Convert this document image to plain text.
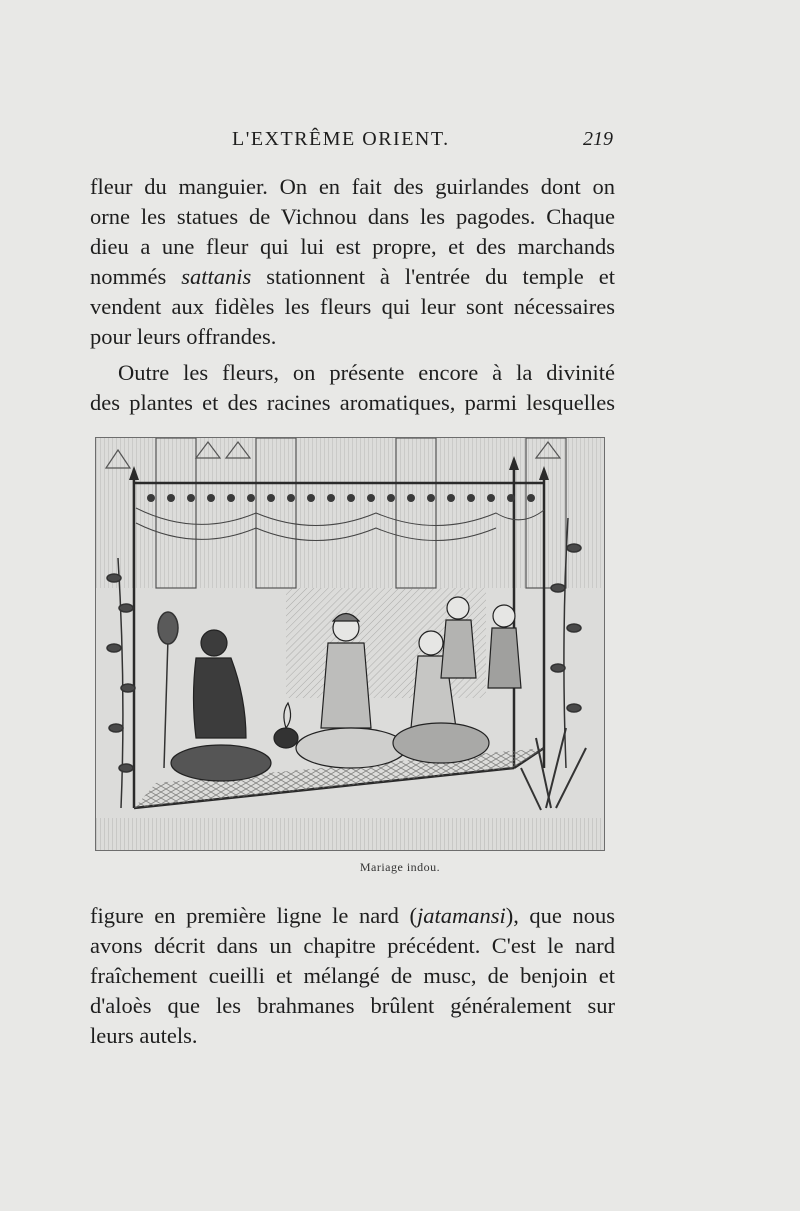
L'EXTRÊME ORIENT.	219
fleur du manguier. On en fait des guirlandes dont on
orne les statues de Vichnou dans les pagodes. Chaque
dieu a une fleur qui lui est propre, et des marchands
nommés sattanis stationnent à l'entrée du temple et
vendent aux fidèles les fleurs qui leur sont nécessaires
pour leurs offrandes.
Outre les fleurs, on présente encore à la divinité
des plantes et des racines aromatiques, parmi lesquelles
Mariage indou.
figure en première ligne le nard (jatamansi), que nous
avons décrit dans un chapitre précédent. C'est le nard
fraîchement cueilli et mélangé de musc, de benjoin et
d'aloès que les brahmanes brûlent généralement sur
leurs autels.
